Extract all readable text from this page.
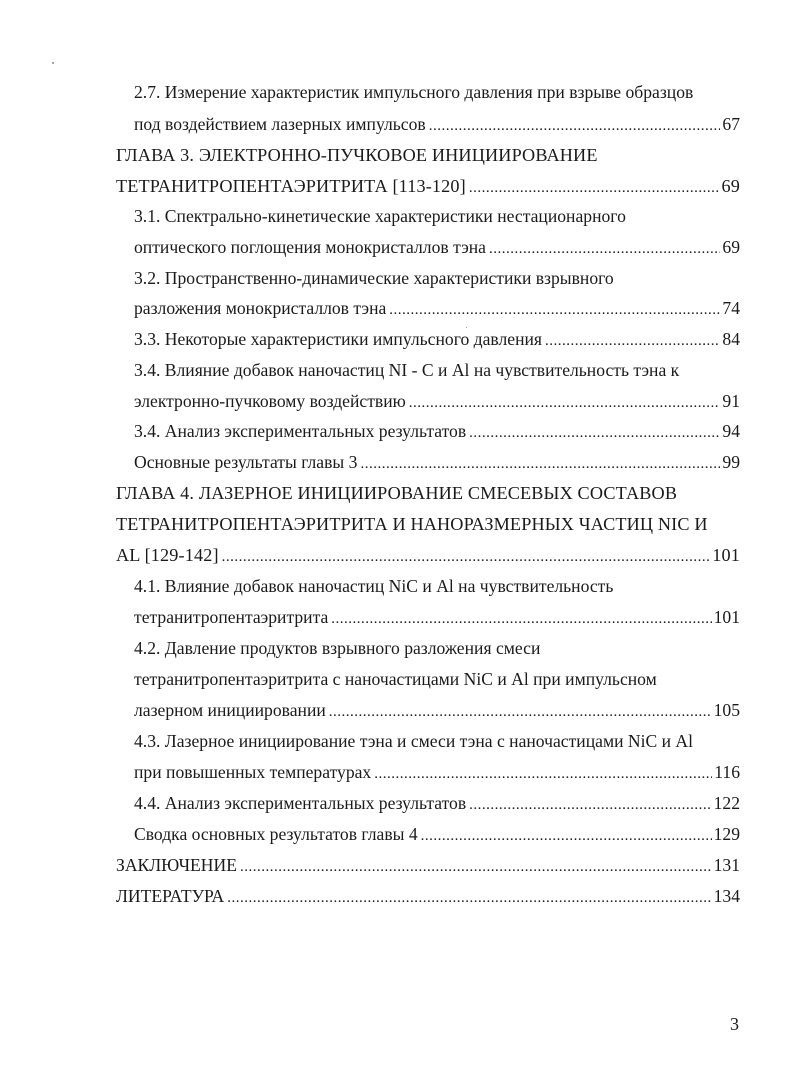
2.7. Измерение характеристик импульсного давления при взрыве образцов
под воздействием лазерных импульсов .....	67
ГЛАВА 3. ЭЛЕКТРОННО-ПУЧКОВОЕ ИНИЦИИРОВАНИЕ
ТЕТРАНИТРОПЕНТАЭРИТРИТА [113-120] .....	69
3.1. Спектрально-кинетические характеристики нестационарного
оптического поглощения монокристаллов тэна .....	69
3.2. Пространственно-динамические характеристики взрывного
разложения монокристаллов тэна .....	74
3.3. Некоторые характеристики импульсного давления .....	84
3.4. Влияние добавок наночастиц NI - C и Al на чувствительность тэна к
электронно-пучковому воздействию .....	91
3.4. Анализ экспериментальных результатов .....	94
Основные результаты главы 3 .....	99
ГЛАВА 4. ЛАЗЕРНОЕ ИНИЦИИРОВАНИЕ СМЕСЕВЫХ СОСТАВОВ
ТЕТРАНИТРОПЕНТАЭРИТРИТА И НАНОРАЗМЕРНЫХ ЧАСТИЦ NIC И
AL [129-142] .....	101
4.1. Влияние добавок наночастиц NiC и Al на чувствительность
тетранитропентаэритрита .....	101
4.2. Давление продуктов взрывного разложения смеси
тетранитропентаэритрита с наночастицами NiC и Al при импульсном
лазерном инициировании .....	105
4.3. Лазерное инициирование тэна и смеси тэна с наночастицами NiC и Al
при повышенных температурах .....	116
4.4. Анализ экспериментальных результатов .....	122
Сводка основных результатов главы 4 .....	129
ЗАКЛЮЧЕНИЕ .....	131
ЛИТЕРАТУРА .....	134
3
